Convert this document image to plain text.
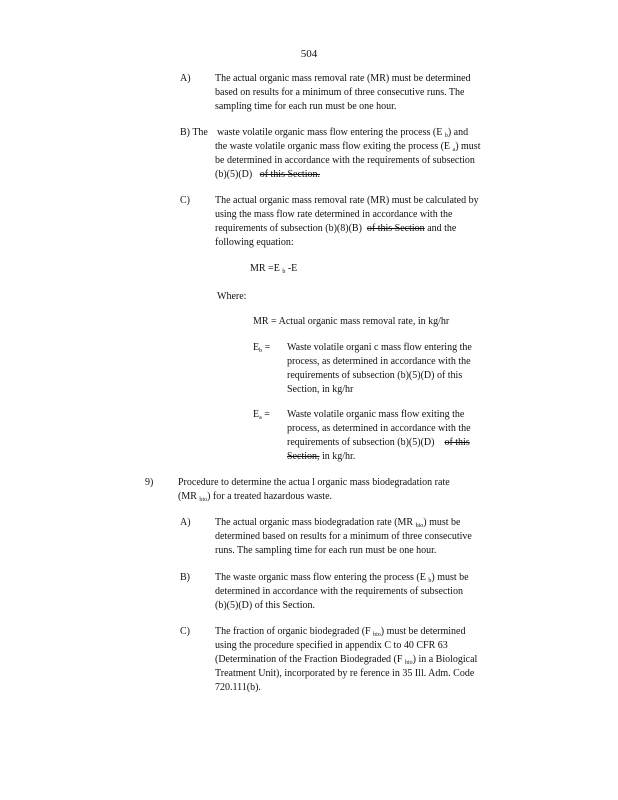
504
A) The actual organic mass removal rate (MR) must be determined
based on results for a minimum of three consecutive runs. The
sampling time for each run must be one hour.
B) The waste volatile organic mass flow entering the process (E $_b$) and
the waste volatile organic mass flow exiting the process (E $_a$) must
be determined in accordance with the requirements of subsection
(b)(5)(D) of this Section.
C)	The actual organic mass removal rate (MR) must be calculated by
using the mass flow rate determined in accordance with the
requirements of subsection (b)(8)(B) of this Section and the
following equation:
MR =E $_b$ -E
Where:
MR = Actual organic mass removal rate, in kg/hr
$E_b$ = Waste volatile organi c mass flow entering the
process, as determined in accordance with the
requirements of subsection (b)(5)(D) of this
Section, in kg/hr
$E_a$ = Waste volatile organic mass flow exiting the
process, as determined in accordance with the
requirements of subsection (b)(5)(D) of this
Section, in kg/hr.
9) Procedure to determine the actua l organic mass biodegradation rate
(MR $_{bio}$) for a treated hazardous waste.
A) The actual organic mass biodegradation rate (MR $_{bio}$) must be
determined based on results for a minimum of three consecutive
runs. The sampling time for each run must be one hour.
B)	The waste organic mass flow entering the process (E $_b$) must be
determined in accordance with the requirements of subsection
(b)(5)(D) of this Section.
C)	The fraction of organic biodegraded (F $_{bio}$) must be determined
using the procedure specified in appendix C to 40 CFR 63
(Determination of the Fraction Biodegraded (F $_{bio}$) in a Biological
Treatment Unit), incorporated by re ference in 35 Ill. Adm. Code
720.111(b).
